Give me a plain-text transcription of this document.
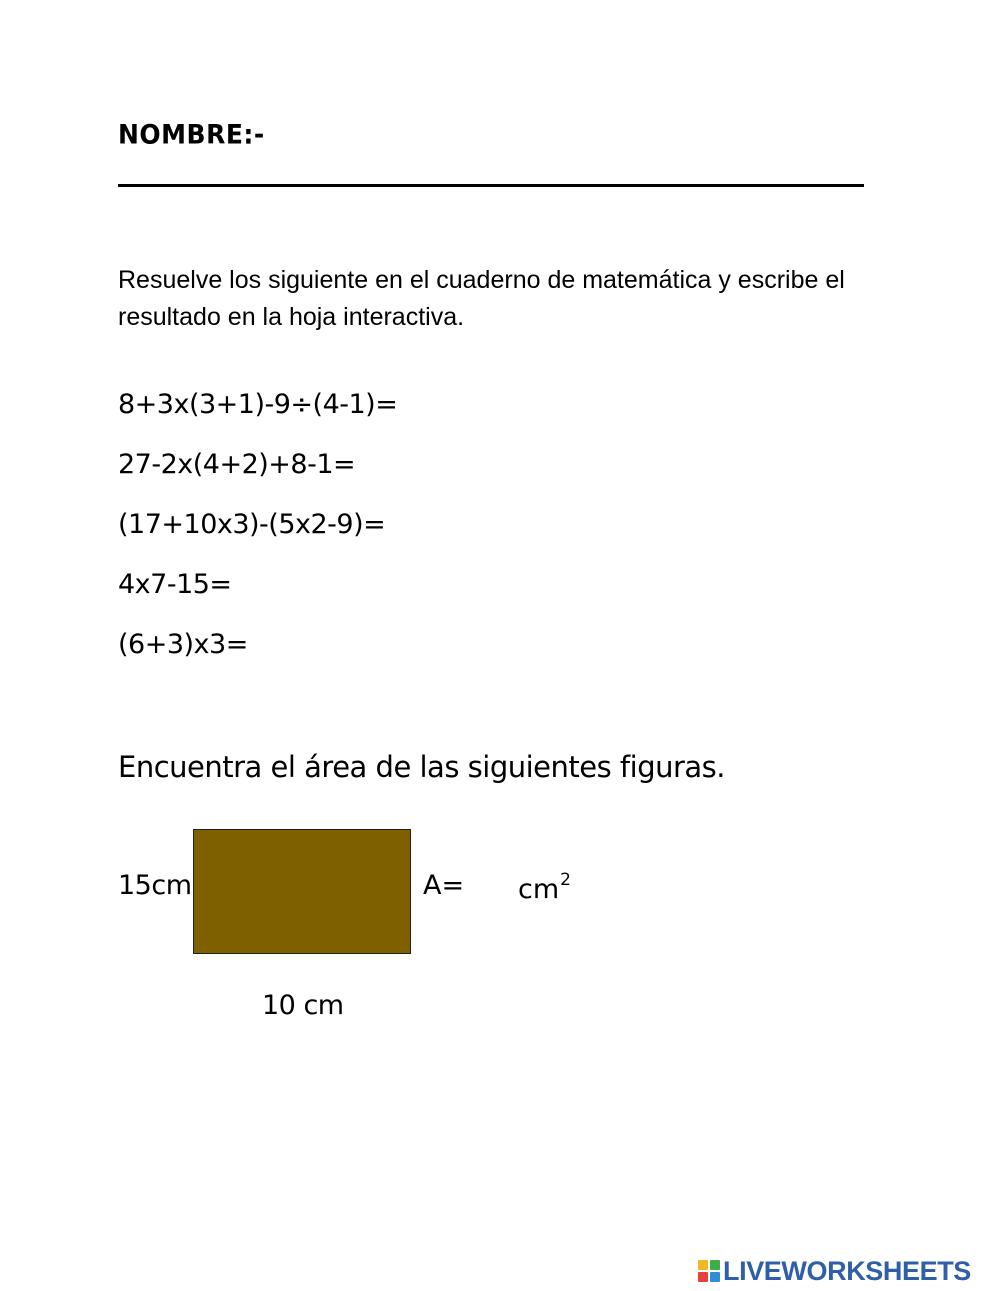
NOMBRE:-
Resuelve los siguiente en el cuaderno de matemática y escribe el resultado en la hoja interactiva.
8+3x(3+1)-9÷(4-1)=
27-2x(4+2)+8-1=
(17+10x3)-(5x2-9)=
4x7-15=
(6+3)x3=
Encuentra el área de las siguientes figuras.
15cm	$A= cm^2$
10 cm
LIVEWORKSHEETS
